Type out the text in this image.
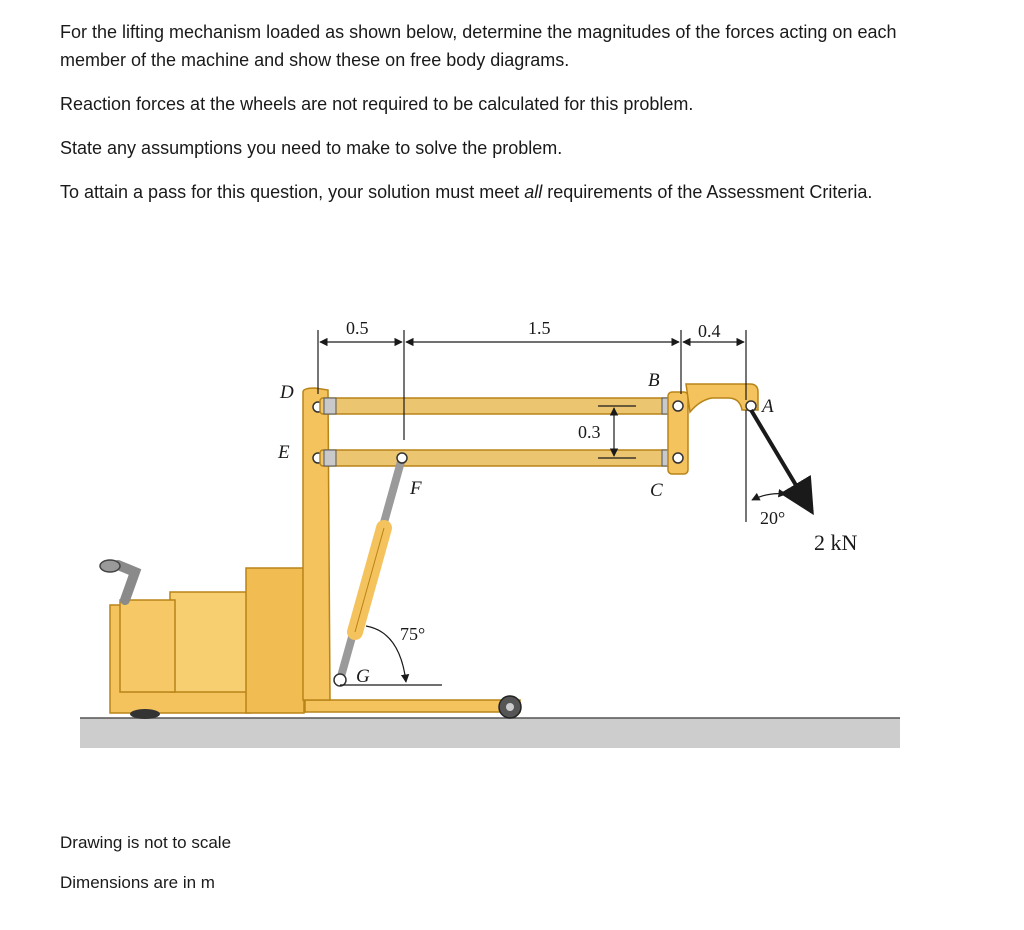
For the lifting mechanism loaded as shown below, determine the magnitudes of the forces acting on each member of the machine and show these on free body diagrams.

Reaction forces at the wheels are not required to be calculated for this problem.

State any assumptions you need to make to solve the problem.

To attain a pass for this question, your solution must meet all requirements of the Assessment Criteria.

0.5	1.5	0.4
0.3
D
E
B
C
A
F
G
75°
20°
2 kN

Drawing is not to scale

Dimensions are in m
